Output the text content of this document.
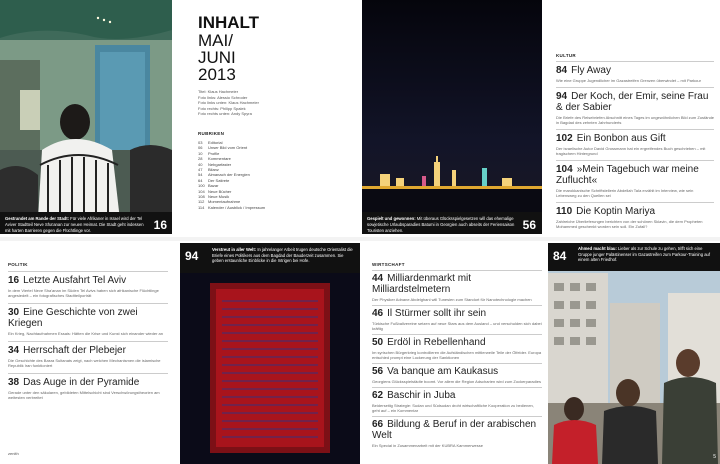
Gestrandet am Rande der Stadt: Für viele Afrikaner in Israel wird der Tel Aviver Stadtteil Neve Sha'anan zur neuen Heimat. Die Stadt geht indessen mit harten Barrieren gegen die Flüchtlinge vor.	16
INHALT
MAI/
JUNI
2013
Titel: Klaus Hachmeier
Foto links: Alessio Schroder
Foto links unten: Klaus Hachmeier
Foto rechts: Philipp Spalek
Foto rechts unten: Andy Spyra
RUBRIKEN
03	Editorial
06	Unser Bild vom Orient
10	Profile
28	Kommentare
40	Nebgarfaster
47	Bilanz
54	Almanach der Energien
64	Der Satirete
100 Bazar
104 Neue Bücher
108 Neue Musik
112 Momentaufnahme
114 Kalender / Ausblick / Impressum
Gespielt und gewonnen: Mit überaus Glücksspielgesetzen will das ehemalige sowjetische Urlaubsparadies Batumi in Georgien auch abseits der Feriensaison Touristen anziehen.	56
KULTUR
84 Fly Away
Wie eine Gruppe Jugendlicher im Gazastreifen Grenzen überwindet – mit Parkour
94 Der Koch, der Emir, seine Frau & der Sabier
Die Briefe des Reisebriefen Abschnitt eines Tages im ungewöhnlichen Bild zum Zustände in Bagdad des zehnten Jahrhunderts
102 Ein Bonbon aus Gift
Der israelische Autor David Grossmann hat ein ergreifendes Buch geschrieben – mit tragischem Hintergrund
104 »Mein Tagebuch war meine Zuflucht«
Die marokkanische Schriftstellerin Abdellah Taïa erzählt im Interview, wie sein Lebensweg zu den Quellen sei
110 Die Koptin Mariya
Zahlreiche Überlieferungen berichten von der schönen Sklavin, die dem Propheten Mohammed geschenkt worden sein soll. Ein Zufall?
POLITIK
16 Letzte Ausfahrt Tel Aviv
In dem Viertel Neve Sha'anan im Süden Tel Avivs haben sich afrikanische Flüchtlinge angesiedelt – ein fotografisches Stadtteilporträt
30 Eine Geschichte von zwei Kriegen
Ein Krieg, Nachtaufnahmen Essais: Hätten die Krise und Kunst sich einander wieder an
34 Herrschaft der Plebejer
Die Geschichte des Basra Sultanats zeigt, nach welchen Mechanismen die islamische Republik Iran funktioniert
38 Das Auge in der Pyramide
Gerade unter den säkularen, gebildeten Mittelschicht sind Verschwörungstheorien am weitesten verbreitet
zenith
94	Verstreut in aller Welt: In jahrelanger Arbeit trugen deutsche Orientalist die Briefe eines Politikers aus dem Bagdad der Bauderzeit zusammen. Sie geben erstaunliche Einblicke in die Intrigen bei Hofe.
WIRTSCHAFT
44 Milliardenmarkt mit Milliardstelmetern
Der Physiker Adnane Abdelghani will Tunesien zum Standort für Nanotechnologie machen
46 Il Stürmer sollt ihr sein
Türkische Fußballvereine setzen auf neue Stars aus dem Ausland – und verschulden sich dabei kräftig
50 Erdöl in Rebellenhand
Im syrischen Bürgerkrieg kontrollieren die Aufständischen mittlerweile Teile der Ölfelder. Europa entschied prompt eine Lockerung der Sanktionen
56 Va banque am Kaukasus
Georgiens Glücksspielstädte boomt. Vor allem die Region Adscharien wird zum Zockerparadies
62 Baschir in Juba
Beiderseitig Strategie: Sudan und Südsudan droht wirtschaftliche Kooperation zu bedienen, geht auf – ein Kommentar
66 Bildung & Beruf in der arabischen Welt
Ein Special in Zusammenarbeit mit der KUBRA Kammerwesse
84
Ahmed macht blau: Lieber als zur Schule zu gehen, trifft sich eine Gruppe junger Palästinenser im Gazastreifen zum Parkour-Training auf einem alten Friedhof.
5
